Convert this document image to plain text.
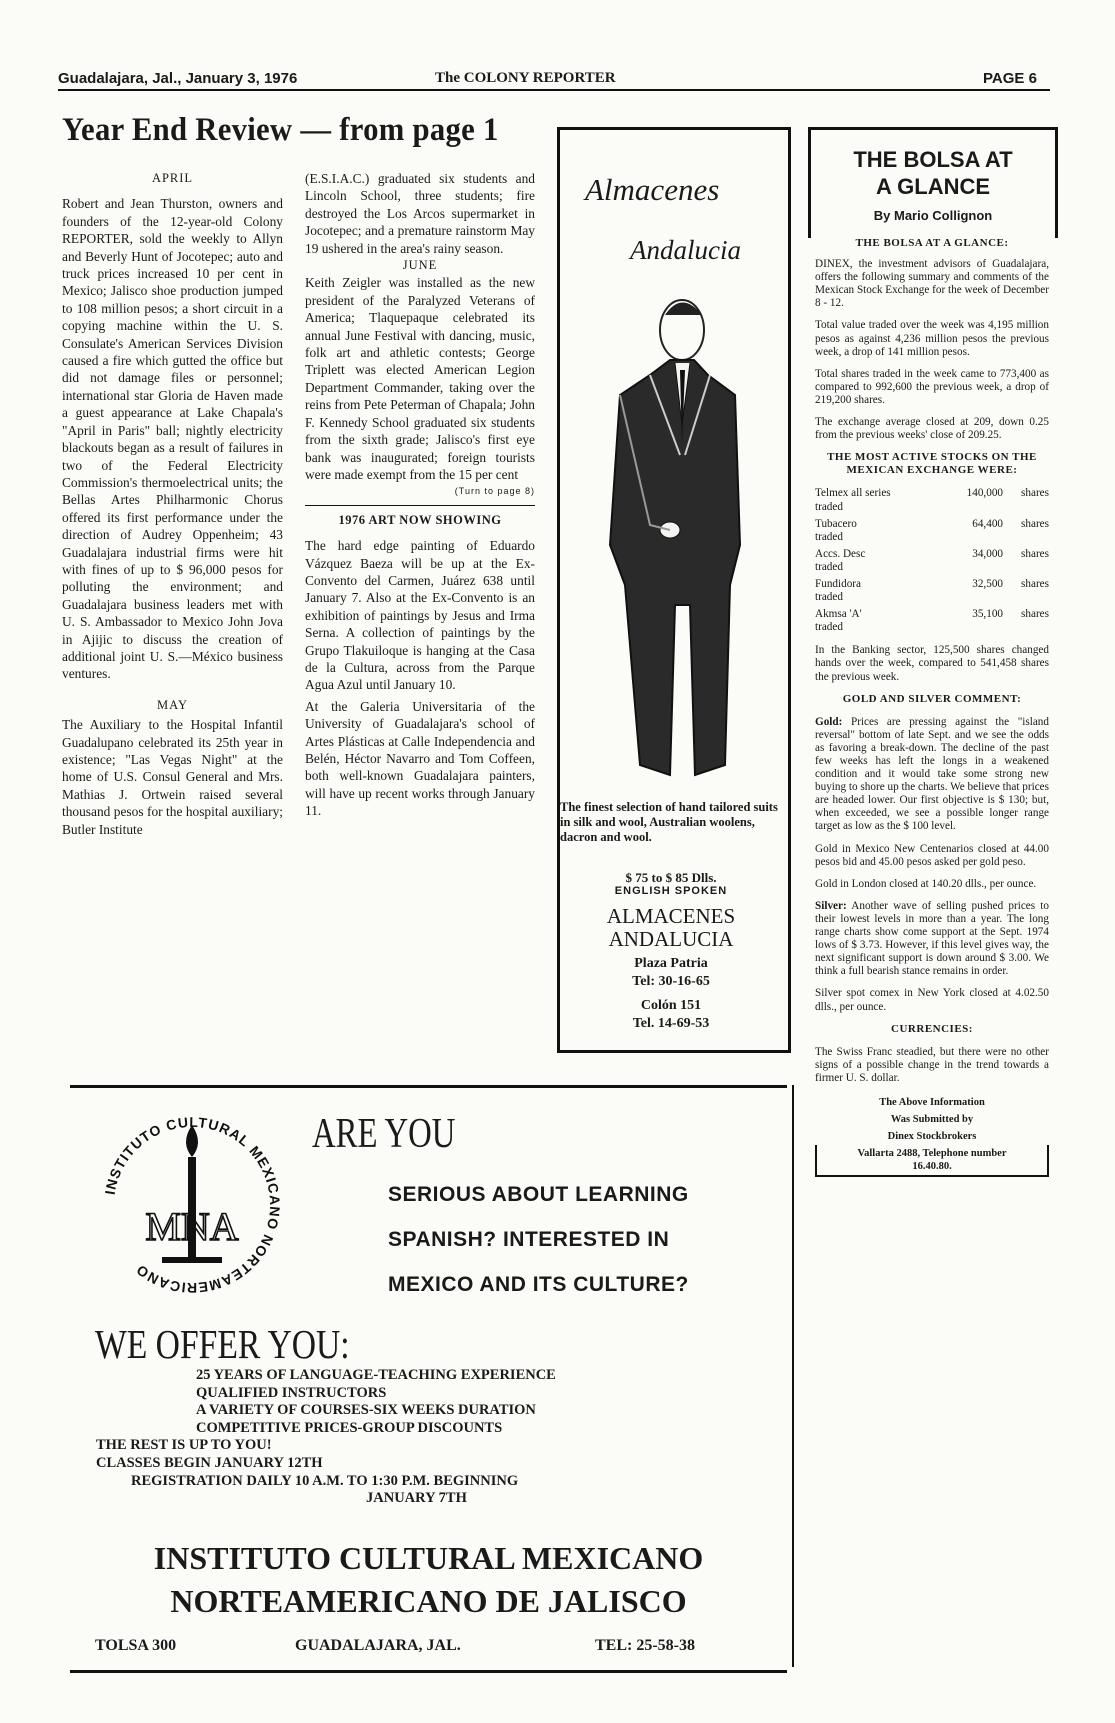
Guadalajara, Jal., January 3, 1976	The COLONY REPORTER	PAGE 6
Year End Review — from page 1
APRIL

Robert and Jean Thurston, owners and founders of the 12-year-old Colony REPORTER, sold the weekly to Allyn and Beverly Hunt of Jocotepec; auto and truck prices increased 10 per cent in Mexico; Jalisco shoe production jumped to 108 million pesos; a short circuit in a copying machine within the U. S. Consulate's American Services Division caused a fire which gutted the office but did not damage files or personnel; international star Gloria de Haven made a guest appearance at Lake Chapala's "April in Paris" ball; nightly electricity blackouts began as a result of failures in two of the Federal Electricity Commission's thermoelectrical units; the Bellas Artes Philharmonic Chorus offered its first performance under the direction of Audrey Oppenheim; 43 Guadalajara industrial firms were hit with fines of up to $ 96,000 pesos for polluting the environment; and Guadalajara business leaders met with U. S. Ambassador to Mexico John Jova in Ajijic to discuss the creation of additional joint U. S.—México business ventures.

MAY

The Auxiliary to the Hospital Infantil Guadalupano celebrated its 25th year in existence; "Las Vegas Night" at the home of U.S. Consul General and Mrs. Mathias J. Ortwein raised several thousand pesos for the hospital auxiliary; Butler Institute

(E.S.I.A.C.) graduated six students and Lincoln School, three students; fire destroyed the Los Arcos supermarket in Jocotepec; and a premature rainstorm May 19 ushered in the area's rainy season.

JUNE

Keith Zeigler was installed as the new president of the Paralyzed Veterans of America; Tlaquepaque celebrated its annual June Festival with dancing, music, folk art and athletic contests; George Triplett was elected American Legion Department Commander, taking over the reins from Pete Peterman of Chapala; John F. Kennedy School graduated six students from the sixth grade; Jalisco's first eye bank was inaugurated; foreign tourists were made exempt from the 15 per cent

(Turn to page 8)
1976 ART NOW SHOWING

The hard edge painting of Eduardo Vázquez Baeza will be up at the Ex-Convento del Carmen, Juárez 638 until January 7. Also at the Ex-Convento is an exhibition of paintings by Jesus and Irma Serna. A collection of paintings by the Grupo Tlakuiloque is hanging at the Casa de la Cultura, across from the Parque Agua Azul until January 10.

At the Galeria Universitaria of the University of Guadalajara's school of Artes Plásticas at Calle Independencia and Belén, Héctor Navarro and Tom Coffeen, both well-known Guadalajara painters, will have up recent works through January 11.

Almacenes
Andalucia
The finest selection of hand tailored suits in silk and wool, Australian woolens, dacron and wool.
$ 75 to $ 85 Dlls.
ENGLISH SPOKEN
ALMACENES
ANDALUCIA
Plaza Patria
Tel: 30-16-65
Colón 151
Tel. 14-69-53
THE BOLSA AT
A GLANCE
By Mario Collignon
THE BOLSA AT A GLANCE:

DINEX, the investment advisors of Guadalajara, offers the following summary and comments of the Mexican Stock Exchange for the week of December 8 - 12.

Total value traded over the week was 4,195 million pesos as against 4,236 million pesos the previous week, a drop of 141 million pesos.

Total shares traded in the week came to 773,400 as compared to 992,600 the previous week, a drop of 219,200 shares.

The exchange average closed at 209, down 0.25 from the previous weeks' close of 209.25.

THE MOST ACTIVE STOCKS ON THE MEXICAN EXCHANGE WERE:
Telmex all series
traded
140,000	shares
Tubacero
traded
64,400	shares
Accs. Desc
traded
34,000	shares
Fundidora
traded
32,500	shares
Akmsa 'A'
traded
35,100	shares

In the Banking sector, 125,500 shares changed hands over the week, compared to 541,458 shares the previous week.

GOLD AND SILVER COMMENT:

Gold: Prices are pressing against the "island reversal" bottom of late Sept. and we see the odds as favoring a break-down. The decline of the past few weeks has left the longs in a weakened condition and it would take some strong new buying to shore up the charts. We believe that prices are headed lower. Our first objective is $ 130; but, when exceeded, we see a possible longer range target as low as the $ 100 level.

Gold in Mexico New Centenarios closed at 44.00 pesos bid and 45.00 pesos asked per gold peso.

Gold in London closed at 140.20 dlls., per ounce.

Silver: Another wave of selling pushed prices to their lowest levels in more than a year. The long range charts show come support at the Sept. 1974 lows of $ 3.73. However, if this level gives way, the next significant support is down around $ 3.00. We think a full bearish stance remains in order.

Silver spot comex in New York closed at 4.02.50 dlls., per ounce.

CURRENCIES:

The Swiss Franc steadied, but there were no other signs of a possible change in the trend towards a firmer U. S. dollar.

The Above Information
Was Submitted by
Dinex Stockbrokers
Vallarta 2488, Telephone number
16.40.80.
INSTITUTO CULTURAL MEXICANO NORTEAMERICANO
MNA
ARE YOU
SERIOUS ABOUT LEARNING
SPANISH? INTERESTED IN
MEXICO AND ITS CULTURE?
WE OFFER YOU:
25 YEARS OF LANGUAGE-TEACHING EXPERIENCE
QUALIFIED INSTRUCTORS
A VARIETY OF COURSES-SIX WEEKS DURATION
COMPETITIVE PRICES-GROUP DISCOUNTS
THE REST IS UP TO YOU!
CLASSES BEGIN JANUARY 12TH
REGISTRATION DAILY 10 A.M. TO 1:30 P.M. BEGINNING
JANUARY 7TH
INSTITUTO CULTURAL MEXICANO
NORTEAMERICANO DE JALISCO
TOLSA 300	GUADALAJARA, JAL.	TEL: 25-58-38
